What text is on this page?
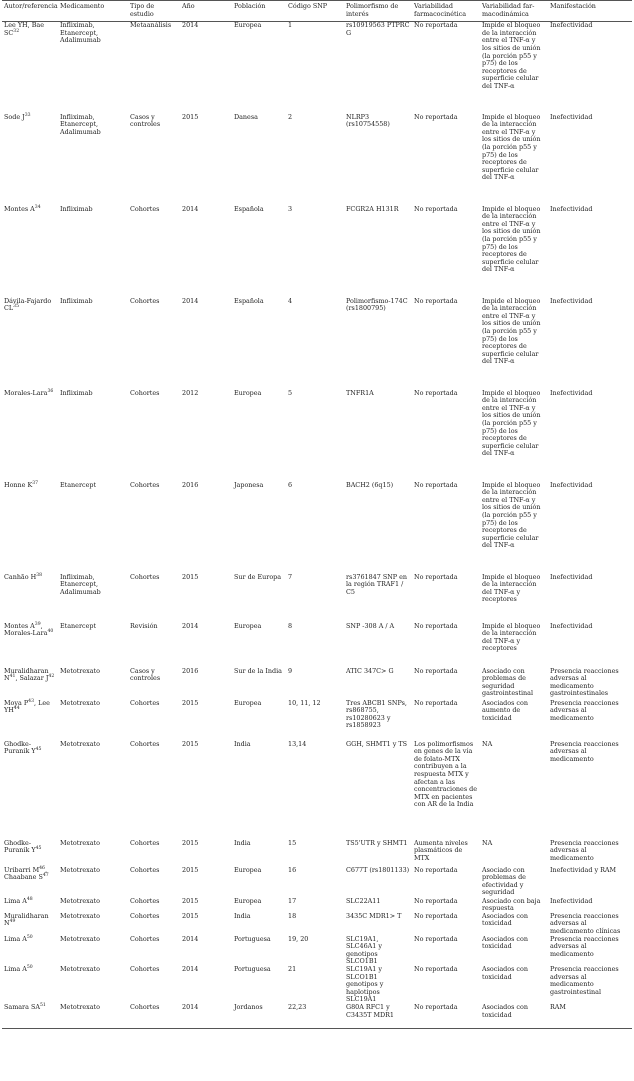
Autor/referencia	Medicamento	Tipo de estudio	Año	Población	Código SNP	Polimorfismo de interés	Variabilidad farmacocinética	Variabilidad far-macodinámica	Manifestación
Lee YH, Bae SC$^{32}$	Infliximab, Etanercept, Adalimumab	Metaanálisis	2014	Europea	1	rs10919563 PTPRC G	No reportada	Impide el bloqueo de la interacción entre el TNF-α y los sitios de unión (la porción p55 y p75) de los receptores de superficie celular del TNF-α	Inefectividad
Sode $J^{33}$	Infliximab, Etanercept, Adalimumab	Casos y controles	2015	Danesa	2	NLRP3 (rs10754558)	No reportada	Impide el bloqueo de la interacción entre el TNF-α y los sitios de unión (la porción p55 y p75) de los receptores de superficie celular del TNF-α	Inefectividad
Montes $A^{34}$	Infliximab	Cohortes	2014	Española	3	FCGR2A H131R	No reportada	Impide el bloqueo de la interacción entre el TNF-α y los sitios de unión (la porción p55 y p75) de los receptores de superficie celular del TNF-α	Inefectividad
Dávila-Fajardo CL$^{35}$	Infliximab	Cohortes	2014	Española	4	Polimorfismo-174C (rs1800795)	No reportada	Impide el bloqueo de la interacción entre el TNF-α y los sitios de unión (la porción p55 y p75) de los receptores de superficie celular del TNF-α	Inefectividad
Morales-Lara$^{36}$	Infliximab	Cohortes	2012	Europea	5	TNFR1A	No reportada	Impide el bloqueo de la interacción entre el TNF-α y los sitios de unión (la porción p55 y p75) de los receptores de superficie celular del TNF-α	Inefectividad
Honne $K^{37}$	Etanercept	Cohortes	2016	Japonesa	6	BACH2 (6q15)	No reportada	Impide el bloqueo de la interacción entre el TNF-α y los sitios de unión (la porción p55 y p75) de los receptores de superficie celular del TNF-α	Inefectividad
Canhão $H^{38}$	Infliximab, Etanercept, Adalimumab	Cohortes	2015	Sur de Europa	7	rs3761847 SNP en la región TRAF1 / C5	No reportada	Impide el bloqueo de la interacción del TNF-α y receptores	Inefectividad
Montes $A^{39}$, Morales-Lara$^{40}$	Etanercept	Revisión	2014	Europea	8	SNP -308 A / A	No reportada	Impide el bloqueo de la interacción del TNF-α y receptores	Inefectividad
Muralidharan $N^{41}$, Salazar $J^{42}$	Metotrexato	Casos y controles	2016	Sur de la India	9	ATIC 347C> G	No reportada	Asociado con problemas de seguridad gastrointestinal	Presencia reacciones adversas al medicamento gastrointestinales
Moya $P^{43}$, Lee YH$^{44}$	Metotrexato	Cohortes	2015	Europea	10, 11, 12	Tres ABCB1 SNPs, rs868755, rs10280623 y rs1858923	No reportada	Asociados con aumento de toxicidad	Presencia reacciones adversas al medicamento
Ghodke-Puranik $Y^{45}$	Metotrexato	Cohortes	2015	India	13,14	GGH, SHMT1 y TS	Los polimorfismos en genes de la vía de folato-MTX contribuyen a la respuesta MTX y afectan a las concentraciones de MTX en pacientes con AR de la India	NA	Presencia reacciones adversas al medicamento
Ghodke-Puranik $Y^{45}$	Metotrexato	Cohortes	2015	India	15	TS5'UTR y SHMT1	Aumenta niveles plasmáticos de MTX	NA	Presencia reacciones adversas al medicamento
Uribarri $M^{46}$, Chaabane $S^{47}$	Metotrexato	Cohortes	2015	Europea	16	C677T (rs1801133)	No reportada	Asociado con problemas de efectividad y seguridad	Inefectividad y RAM
Lima $A^{48}$	Metotrexato	Cohortes	2015	Europea	17	SLC22A11	No reportada	Asociado con baja respuesta	Inefectividad
Muralidharan $N^{49}$	Metotrexato	Cohortes	2015	India	18	3435C MDR1> T	No reportada	Asociados con toxicidad	Presencia reacciones adversas al medicamento clínicas
Lima $A^{50}$	Metotrexato	Cohortes	2014	Portuguesa	19, 20	SLC19A1, SLC46A1 y genotipos SLCO1B1	No reportada	Asociados con toxicidad	Presencia reacciones adversas al medicamento
Lima $A^{50}$	Metotrexato	Cohortes	2014	Portuguesa	21	SLC19A1 y SLCO1B1 genotipos y haplotipos SLC19A1	No reportada	Asociados con toxicidad	Presencia reacciones adversas al medicamento gastrointestinal
Samara SA$^{51}$	Metotrexato	Cohortes	2014	Jordanos	22,23	G80A RFC1 y C3435T MDR1	No reportada	Asociados con toxicidad	RAM
